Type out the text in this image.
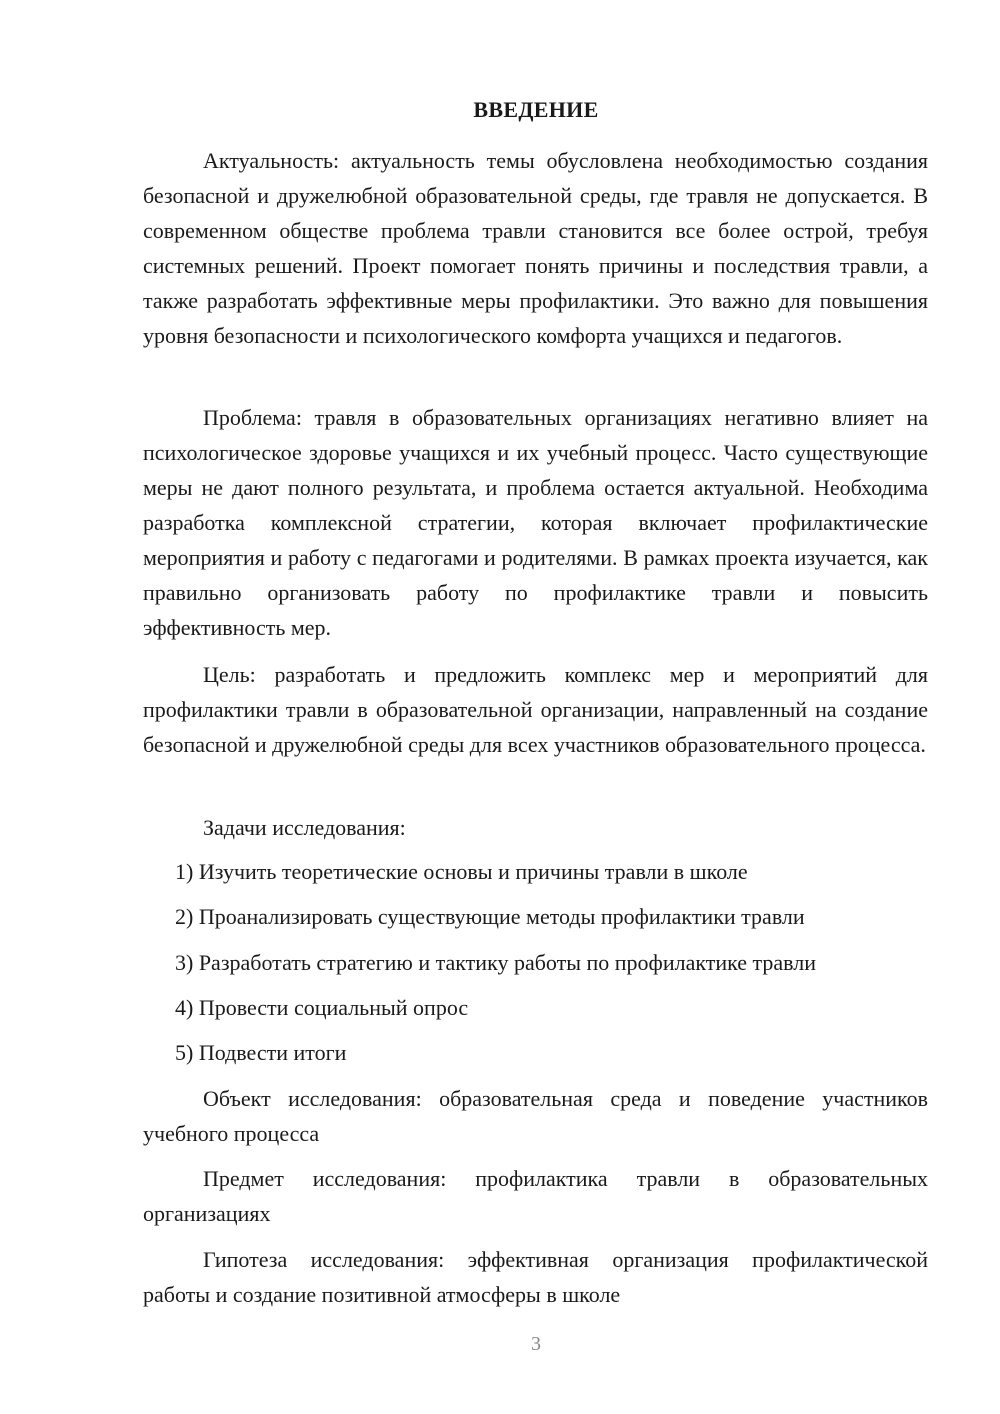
ВВЕДЕНИЕ

Актуальность: актуальность темы обусловлена необходимостью создания безопасной и дружелюбной образовательной среды, где травля не допускается. В современном обществе проблема травли становится все более острой, требуя системных решений. Проект помогает понять причины и последствия травли, а также разработать эффективные меры профилактики. Это важно для повышения уровня безопасности и психологического комфорта учащихся и педагогов.

Проблема: травля в образовательных организациях негативно влияет на психологическое здоровье учащихся и их учебный процесс. Часто существующие меры не дают полного результата, и проблема остается актуальной. Необходима разработка комплексной стратегии, которая включает профилактические мероприятия и работу с педагогами и родителями. В рамках проекта изучается, как правильно организовать работу по профилактике травли и повысить эффективность мер.

Цель: разработать и предложить комплекс мер и мероприятий для профилактики травли в образовательной организации, направленный на создание безопасной и дружелюбной среды для всех участников образовательного процесса.

Задачи исследования:

1) Изучить теоретические основы и причины травли в школе

2) Проанализировать существующие методы профилактики травли

3) Разработать стратегию и тактику работы по профилактике травли

4) Провести социальный опрос

5) Подвести итоги

Объект исследования: образовательная среда и поведение участников учебного процесса

Предмет исследования: профилактика травли в образовательных организациях

Гипотеза исследования: эффективная организация профилактической работы и создание позитивной атмосферы в школе

3
